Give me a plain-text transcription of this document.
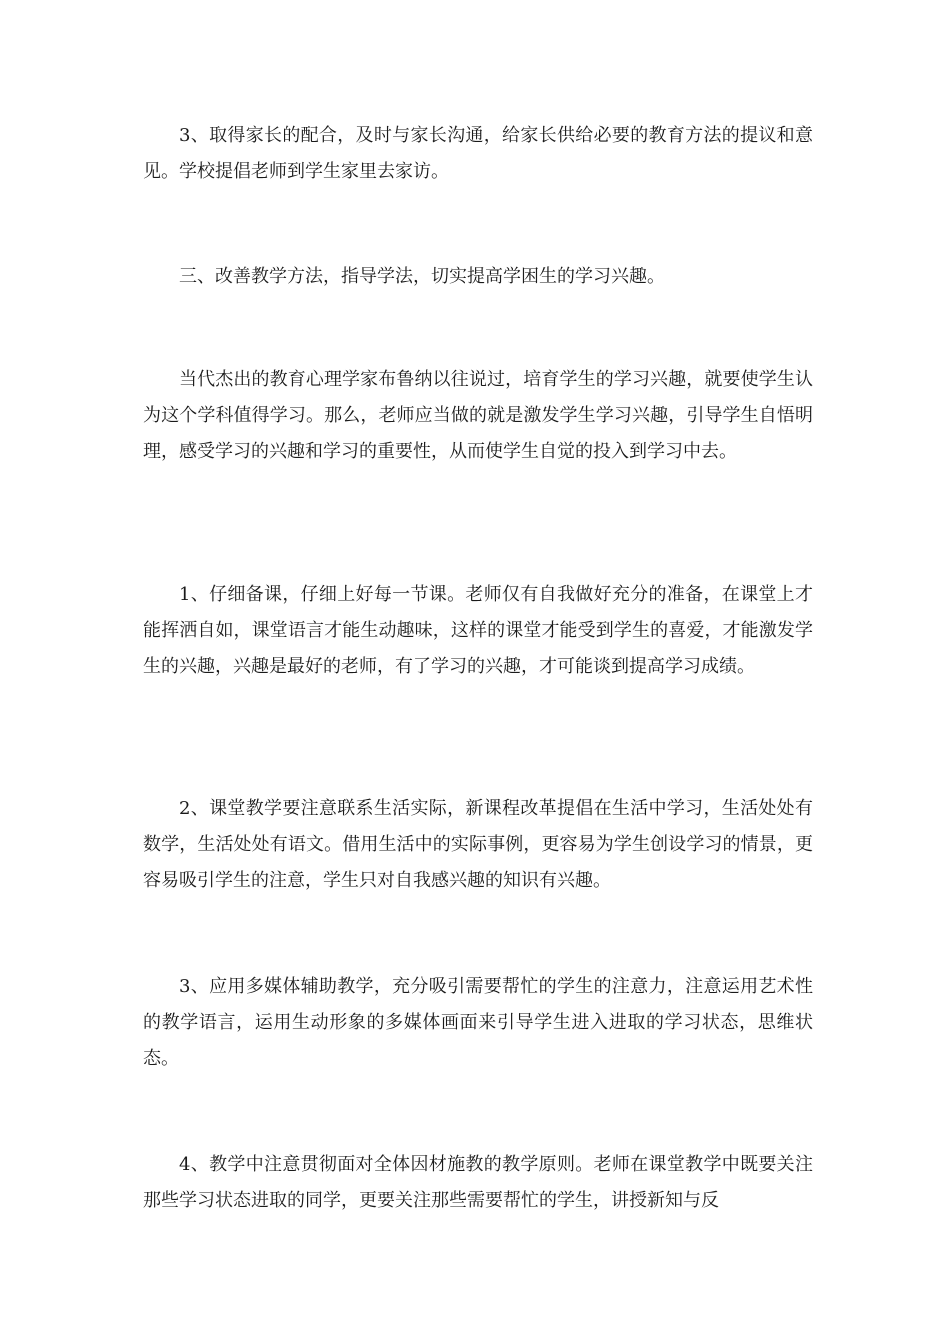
3、取得家长的配合，及时与家长沟通，给家长供给必要的教育方法的提议和意见。学校提倡老师到学生家里去家访。

三、改善教学方法，指导学法，切实提高学困生的学习兴趣。

当代杰出的教育心理学家布鲁纳以往说过，培育学生的学习兴趣，就要使学生认为这个学科值得学习。那么，老师应当做的就是激发学生学习兴趣，引导学生自悟明理，感受学习的兴趣和学习的重要性，从而使学生自觉的投入到学习中去。

1、仔细备课，仔细上好每一节课。老师仅有自我做好充分的准备，在课堂上才能挥洒自如，课堂语言才能生动趣味，这样的课堂才能受到学生的喜爱，才能激发学生的兴趣，兴趣是最好的老师，有了学习的兴趣，才可能谈到提高学习成绩。

2、课堂教学要注意联系生活实际，新课程改革提倡在生活中学习，生活处处有数学，生活处处有语文。借用生活中的实际事例，更容易为学生创设学习的情景，更容易吸引学生的注意，学生只对自我感兴趣的知识有兴趣。

3、应用多媒体辅助教学，充分吸引需要帮忙的学生的注意力，注意运用艺术性的教学语言，运用生动形象的多媒体画面来引导学生进入进取的学习状态，思维状态。

4、教学中注意贯彻面对全体因材施教的教学原则。老师在课堂教学中既要关注那些学习状态进取的同学，更要关注那些需要帮忙的学生，讲授新知与反
